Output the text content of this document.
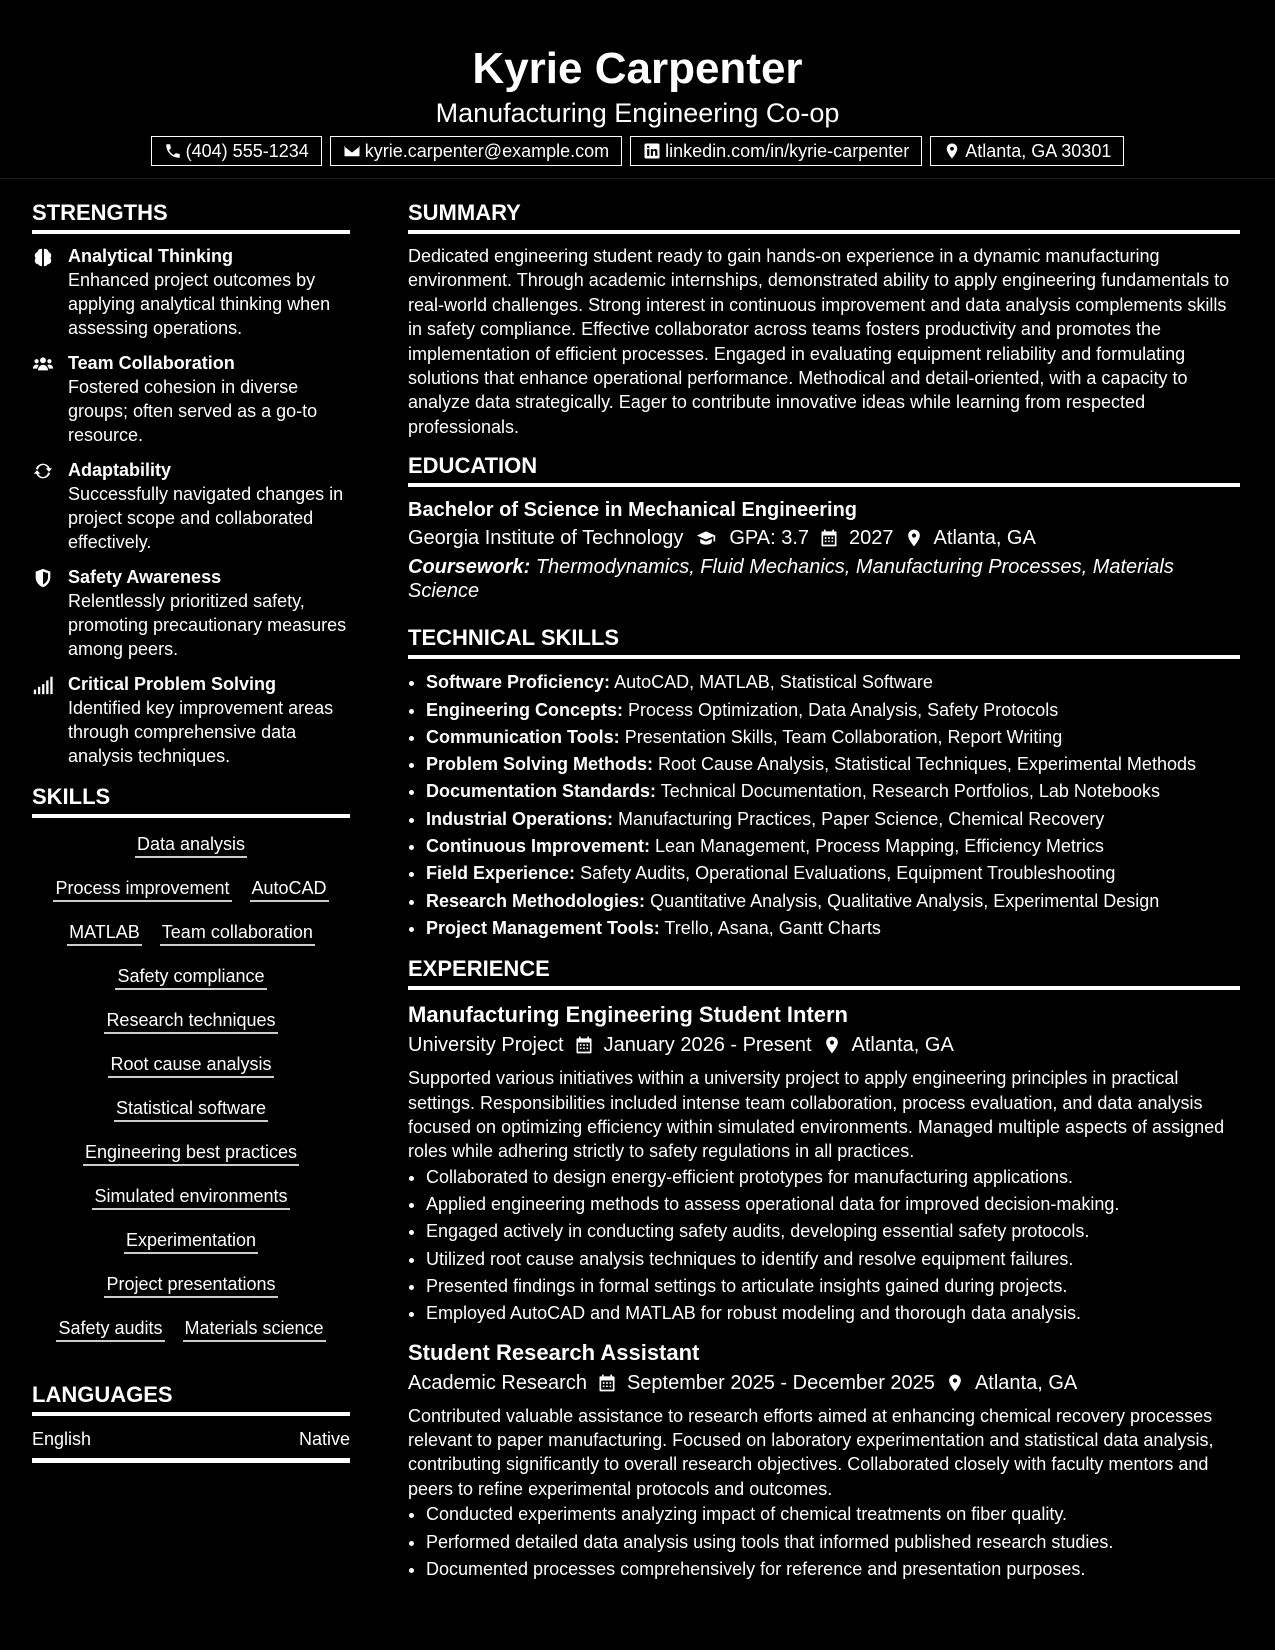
Kyrie Carpenter
Manufacturing Engineering Co-op
(404) 555-1234	kyrie.carpenter@example.com	linkedin.com/in/kyrie-carpenter	Atlanta, GA 30301
STRENGTHS
Analytical Thinking
Enhanced project outcomes by applying analytical thinking when assessing operations.
Team Collaboration
Fostered cohesion in diverse groups; often served as a go-to resource.
Adaptability
Successfully navigated changes in project scope and collaborated effectively.
Safety Awareness
Relentlessly prioritized safety, promoting precautionary measures among peers.
Critical Problem Solving
Identified key improvement areas through comprehensive data analysis techniques.
SKILLS
Data analysis
Process improvement AutoCAD
MATLAB Team collaboration
Safety compliance
Research techniques
Root cause analysis
Statistical software
Engineering best practices
Simulated environments
Experimentation
Project presentations
Safety audits Materials science
LANGUAGES
English	Native
SUMMARY
Dedicated engineering student ready to gain hands-on experience in a dynamic manufacturing environment. Through academic internships, demonstrated ability to apply engineering fundamentals to real-world challenges. Strong interest in continuous improvement and data analysis complements skills in safety compliance. Effective collaborator across teams fosters productivity and promotes the implementation of efficient processes. Engaged in evaluating equipment reliability and formulating solutions that enhance operational performance. Methodical and detail-oriented, with a capacity to analyze data strategically. Eager to contribute innovative ideas while learning from respected professionals.
EDUCATION
Bachelor of Science in Mechanical Engineering
Georgia Institute of Technology GPA: 3.7 2027 Atlanta, GA
Coursework: Thermodynamics, Fluid Mechanics, Manufacturing Processes, Materials Science
TECHNICAL SKILLS
• Software Proficiency: AutoCAD, MATLAB, Statistical Software
• Engineering Concepts: Process Optimization, Data Analysis, Safety Protocols
• Communication Tools: Presentation Skills, Team Collaboration, Report Writing
• Problem Solving Methods: Root Cause Analysis, Statistical Techniques, Experimental Methods
• Documentation Standards: Technical Documentation, Research Portfolios, Lab Notebooks
• Industrial Operations: Manufacturing Practices, Paper Science, Chemical Recovery
• Continuous Improvement: Lean Management, Process Mapping, Efficiency Metrics
• Field Experience: Safety Audits, Operational Evaluations, Equipment Troubleshooting
• Research Methodologies: Quantitative Analysis, Qualitative Analysis, Experimental Design
• Project Management Tools: Trello, Asana, Gantt Charts
EXPERIENCE
Manufacturing Engineering Student Intern
University Project January 2026 - Present Atlanta, GA
Supported various initiatives within a university project to apply engineering principles in practical settings. Responsibilities included intense team collaboration, process evaluation, and data analysis focused on optimizing efficiency within simulated environments. Managed multiple aspects of assigned roles while adhering strictly to safety regulations in all practices.
• Collaborated to design energy-efficient prototypes for manufacturing applications.
• Applied engineering methods to assess operational data for improved decision-making.
• Engaged actively in conducting safety audits, developing essential safety protocols.
• Utilized root cause analysis techniques to identify and resolve equipment failures.
• Presented findings in formal settings to articulate insights gained during projects.
• Employed AutoCAD and MATLAB for robust modeling and thorough data analysis.
Student Research Assistant
Academic Research September 2025 - December 2025 Atlanta, GA
Contributed valuable assistance to research efforts aimed at enhancing chemical recovery processes relevant to paper manufacturing. Focused on laboratory experimentation and statistical data analysis, contributing significantly to overall research objectives. Collaborated closely with faculty mentors and peers to refine experimental protocols and outcomes.
• Conducted experiments analyzing impact of chemical treatments on fiber quality.
• Performed detailed data analysis using tools that informed published research studies.
• Documented processes comprehensively for reference and presentation purposes.
